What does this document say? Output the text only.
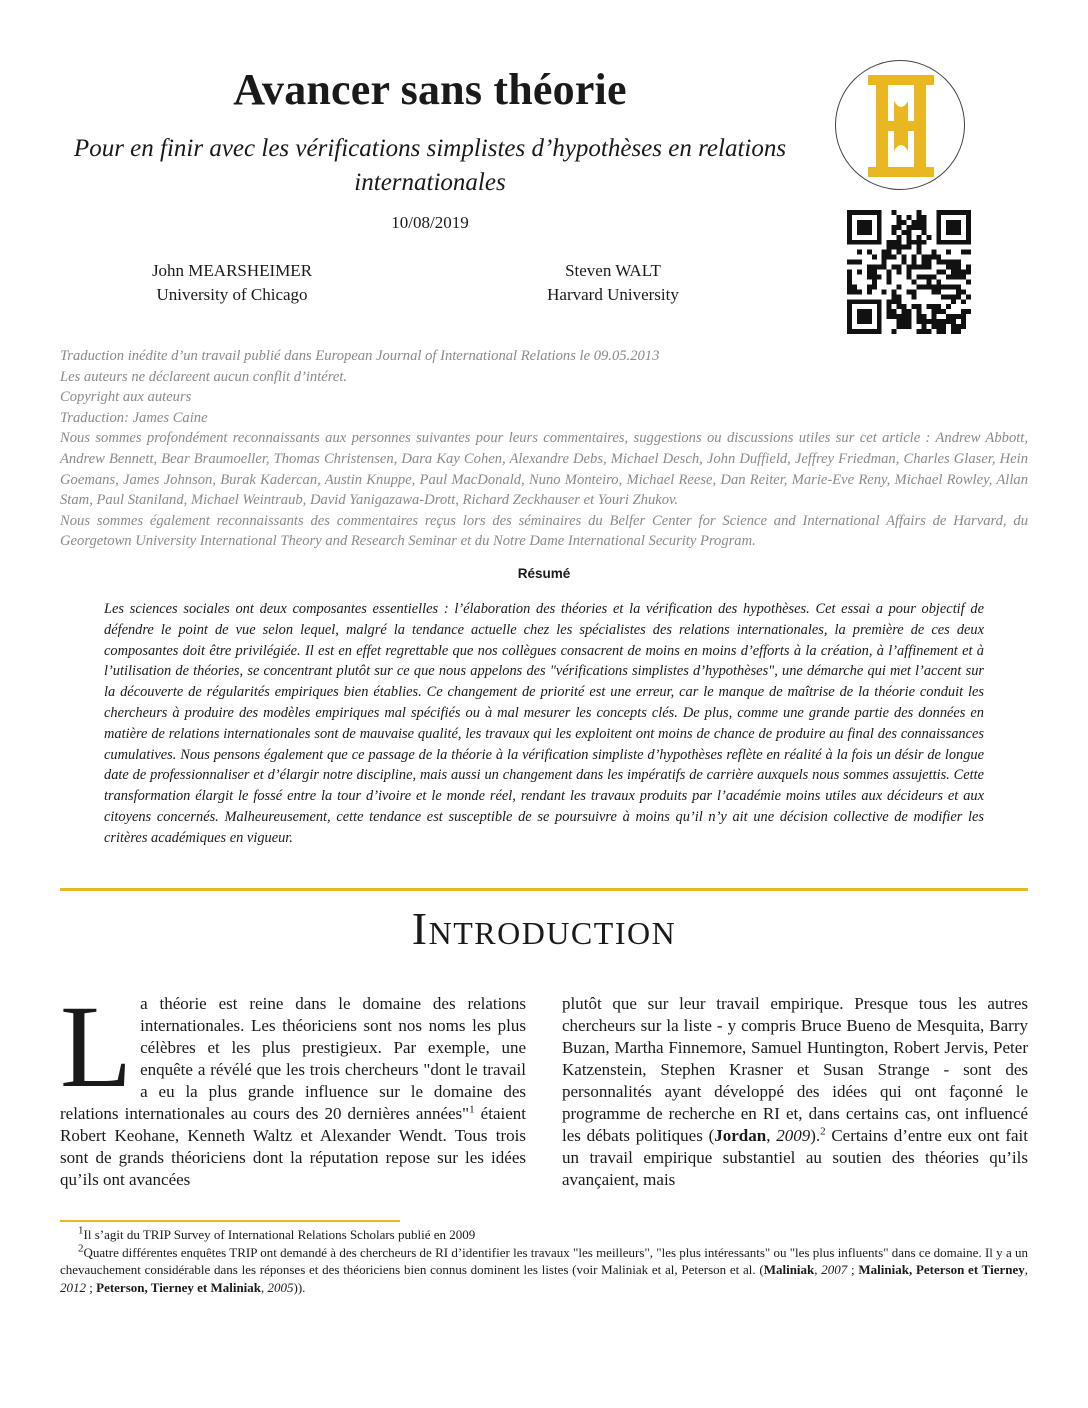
Avancer sans théorie
Pour en finir avec les vérifications simplistes d’hypothèses en relations internationales
10/08/2019
John MEARSHEIMER
University of Chicago
Steven WALT
Harvard University

Traduction inédite d’un travail publié dans European Journal of International Relations le 09.05.2013

Les auteurs ne déclareent aucun conflit d’intéret.

Copyright aux auteurs

Traduction: James Caine

Nous sommes profondément reconnaissants aux personnes suivantes pour leurs commentaires, suggestions ou discussions utiles sur cet article : Andrew Abbott, Andrew Bennett, Bear Braumoeller, Thomas Christensen, Dara Kay Cohen, Alexandre Debs, Michael Desch, John Duffield, Jeffrey Friedman, Charles Glaser, Hein Goemans, James Johnson, Burak Kadercan, Austin Knuppe, Paul MacDonald, Nuno Monteiro, Michael Reese, Dan Reiter, Marie-Eve Reny, Michael Rowley, Allan Stam, Paul Staniland, Michael Weintraub, David Yanigazawa-Drott, Richard Zeckhauser et Youri Zhukov.

Nous sommes également reconnaissants des commentaires reçus lors des séminaires du Belfer Center for Science and International Affairs de Harvard, du Georgetown University International Theory and Research Seminar et du Notre Dame International Security Program.

Résumé
Les sciences sociales ont deux composantes essentielles : l’élaboration des théories et la vérification des hypothèses. Cet essai a pour objectif de défendre le point de vue selon lequel, malgré la tendance actuelle chez les spécialistes des relations internationales, la première de ces deux composantes doit être privilégiée. Il est en effet regrettable que nos collègues consacrent de moins en moins d’efforts à la création, à l’affinement et à l’utilisation de théories, se concentrant plutôt sur ce que nous appelons des "vérifications simplistes d’hypothèses", une démarche qui met l’accent sur la découverte de régularités empiriques bien établies. Ce changement de priorité est une erreur, car le manque de maîtrise de la théorie conduit les chercheurs à produire des modèles empiriques mal spécifiés ou à mal mesurer les concepts clés. De plus, comme une grande partie des données en matière de relations internationales sont de mauvaise qualité, les travaux qui les exploitent ont moins de chance de produire au final des connaissances cumulatives. Nous pensons également que ce passage de la théorie à la vérification simpliste d’hypothèses reflète en réalité à la fois un désir de longue date de professionnaliser et d’élargir notre discipline, mais aussi un changement dans les impératifs de carrière auxquels nous sommes assujettis. Cette transformation élargit le fossé entre la tour d’ivoire et le monde réel, rendant les travaux produits par l’académie moins utiles aux décideurs et aux citoyens concernés. Malheureusement, cette tendance est susceptible de se poursuivre à moins qu’il n’y ait une décision collective de modifier les critères académiques en vigueur.
Introduction

La théorie est reine dans le domaine des relations internationales. Les théoriciens sont nos noms les plus célèbres et les plus prestigieux. Par exemple, une enquête a révélé que les trois chercheurs "dont le travail a eu la plus grande influence sur le domaine des relations internationales au cours des 20 dernières années"$^1$ étaient Robert Keohane, Kenneth Waltz et Alexander Wendt. Tous trois sont de grands théoriciens dont la réputation repose sur les idées qu’ils ont avancées

plutôt que sur leur travail empirique. Presque tous les autres chercheurs sur la liste - y compris Bruce Bueno de Mesquita, Barry Buzan, Martha Finnemore, Samuel Huntington, Robert Jervis, Peter Katzenstein, Stephen Krasner et Susan Strange - sont des personnalités ayant développé des idées qui ont façonné le programme de recherche en RI et, dans certains cas, ont influencé les débats politiques (Jordan, 2009).$^2$ Certains d’entre eux ont fait un travail empirique substantiel au soutien des théories qu’ils avançaient, mais

$^1$Il s’agit du TRIP Survey of International Relations Scholars publié en 2009

$^2$Quatre différentes enquêtes TRIP ont demandé à des chercheurs de RI d’identifier les travaux "les meilleurs", "les plus intéressants" ou "les plus influents" dans ce domaine. Il y a un chevauchement considérable dans les réponses et des théoriciens bien connus dominent les listes (voir Maliniak et al, Peterson et al. (Maliniak, 2007 ; Maliniak, Peterson et Tierney, 2012 ; Peterson, Tierney et Maliniak, 2005)).
